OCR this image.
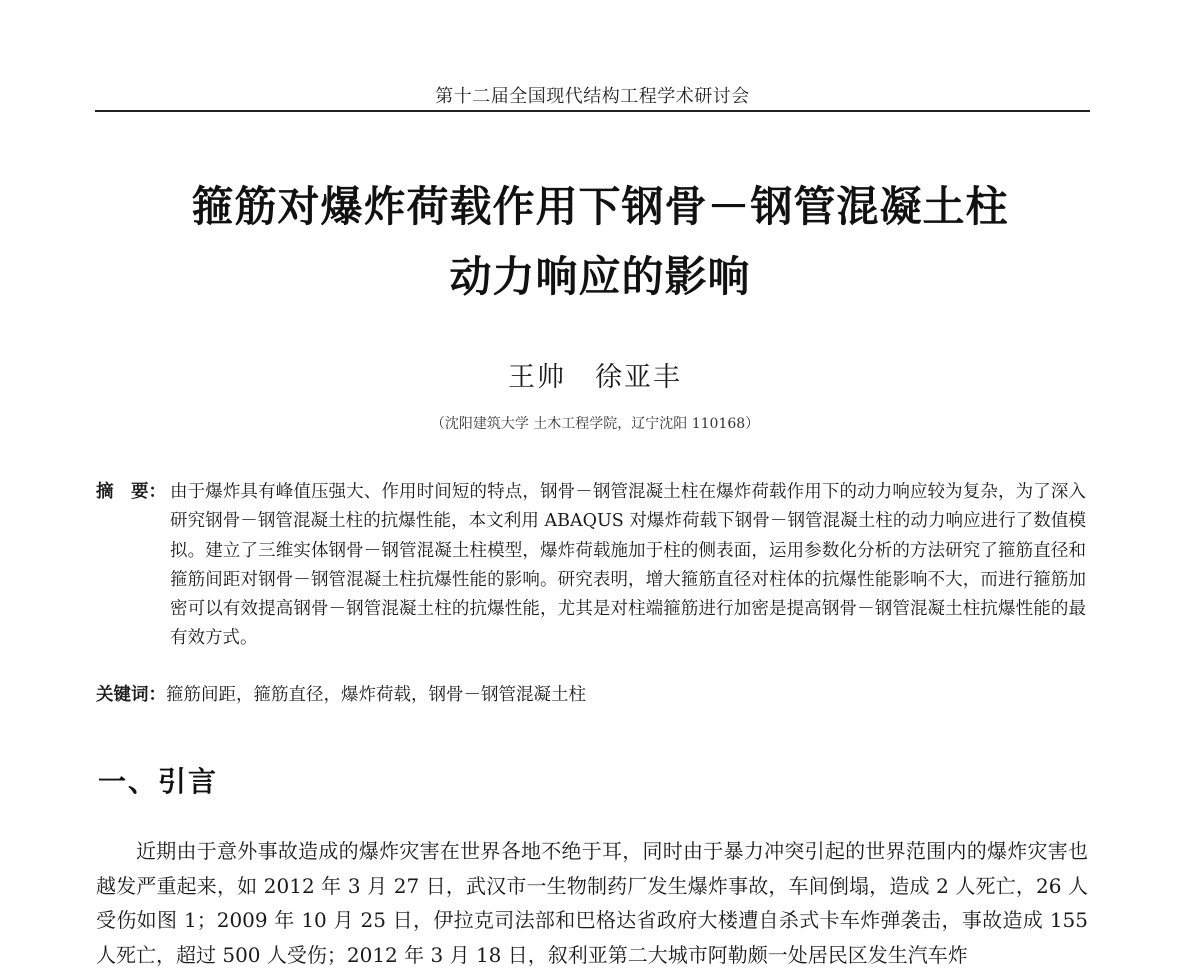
第十二届全国现代结构工程学术研讨会
箍筋对爆炸荷载作用下钢骨－钢管混凝土柱
动力响应的影响
王帅　徐亚丰
（沈阳建筑大学 土木工程学院，辽宁沈阳 110168）
摘　要： 由于爆炸具有峰值压强大、作用时间短的特点，钢骨－钢管混凝土柱在爆炸荷载作用下的动力响应较为复杂，为了深入研究钢骨－钢管混凝土柱的抗爆性能，本文利用 ABAQUS 对爆炸荷载下钢骨－钢管混凝土柱的动力响应进行了数值模拟。建立了三维实体钢骨－钢管混凝土柱模型，爆炸荷载施加于柱的侧表面，运用参数化分析的方法研究了箍筋直径和箍筋间距对钢骨－钢管混凝土柱抗爆性能的影响。研究表明，增大箍筋直径对柱体的抗爆性能影响不大，而进行箍筋加密可以有效提高钢骨－钢管混凝土柱的抗爆性能，尤其是对柱端箍筋进行加密是提高钢骨－钢管混凝土柱抗爆性能的最有效方式。
关键词： 箍筋间距，箍筋直径，爆炸荷载，钢骨－钢管混凝土柱
一、引言
近期由于意外事故造成的爆炸灾害在世界各地不绝于耳，同时由于暴力冲突引起的世界范围内的爆炸灾害也越发严重起来，如 2012 年 3 月 27 日，武汉市一生物制药厂发生爆炸事故，车间倒塌，造成 2 人死亡，26 人受伤如图 1；2009 年 10 月 25 日，伊拉克司法部和巴格达省政府大楼遭自杀式卡车炸弹袭击，事故造成 155 人死亡，超过 500 人受伤；2012 年 3 月 18 日，叙利亚第二大城市阿勒颇一处居民区发生汽车炸
